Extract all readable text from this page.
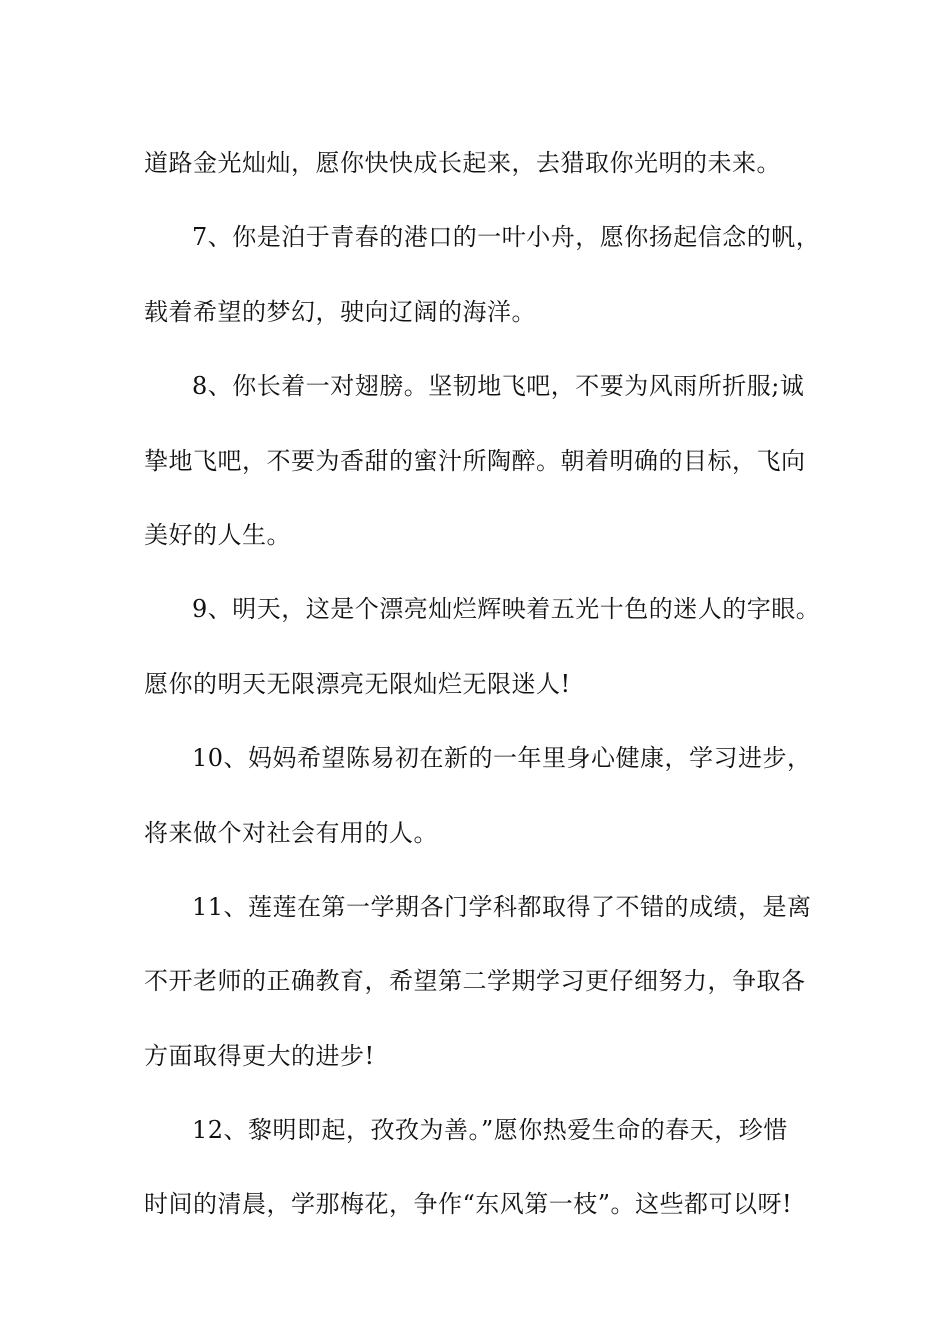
道路金光灿灿，愿你快快成长起来，去猎取你光明的未来。
7、你是泊于青春的港口的一叶小舟，愿你扬起信念的帆，
载着希望的梦幻，驶向辽阔的海洋。
8、你长着一对翅膀。坚韧地飞吧，不要为风雨所折服;诚
挚地飞吧，不要为香甜的蜜汁所陶醉。朝着明确的目标，飞向
美好的人生。
9、明天，这是个漂亮灿烂辉映着五光十色的迷人的字眼。
愿你的明天无限漂亮无限灿烂无限迷人!
10、妈妈希望陈易初在新的一年里身心健康，学习进步，
将来做个对社会有用的人。
11、莲莲在第一学期各门学科都取得了不错的成绩，是离
不开老师的正确教育，希望第二学期学习更仔细努力，争取各
方面取得更大的进步!
12、黎明即起，孜孜为善。”愿你热爱生命的春天，珍惜
时间的清晨，学那梅花，争作“东风第一枝”。这些都可以呀!
